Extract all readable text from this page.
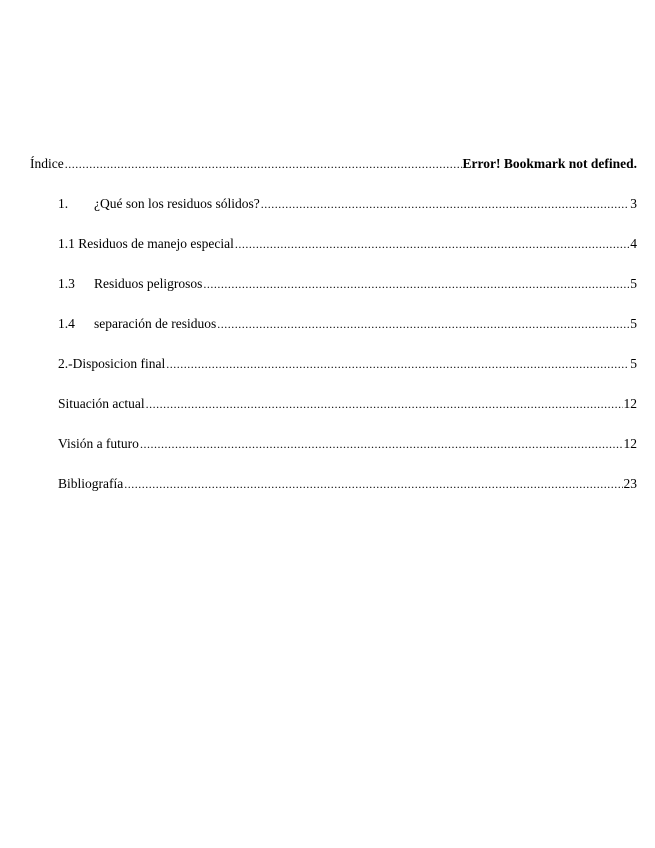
Índice .....	Error! Bookmark not defined.
1.	¿Qué son los residuos sólidos? .....	3
1.1 Residuos de manejo especial .....	4
1.3	Residuos peligrosos .....	5
1.4	separación de residuos .....	5
2.-Disposicion final .....	5
Situación actual .....	12
Visión a futuro .....	12
Bibliografía .....	23
